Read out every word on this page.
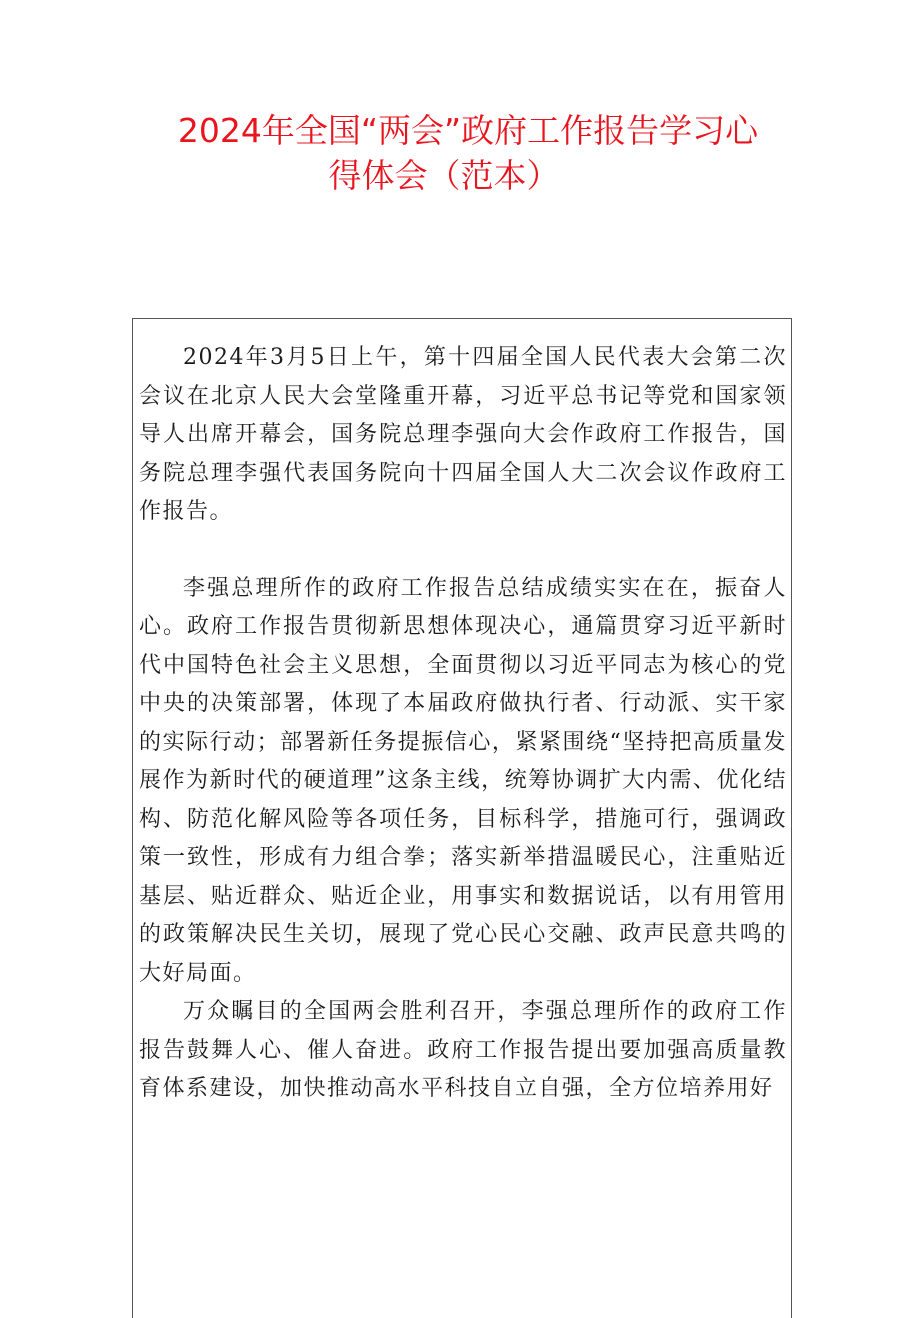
2024年全国“两会”政府工作报告学习心
得体会（范本）

2024年3月5日上午，第十四届全国人民代表大会第二次会议在北京人民大会堂隆重开幕，习近平总书记等党和国家领导人出席开幕会，国务院总理李强向大会作政府工作报告，国务院总理李强代表国务院向十四届全国人大二次会议作政府工作报告。

李强总理所作的政府工作报告总结成绩实实在在，振奋人心。政府工作报告贯彻新思想体现决心，通篇贯穿习近平新时代中国特色社会主义思想，全面贯彻以习近平同志为核心的党中央的决策部署，体现了本届政府做执行者、行动派、实干家的实际行动；部署新任务提振信心，紧紧围绕“坚持把高质量发展作为新时代的硬道理”这条主线，统筹协调扩大内需、优化结构、防范化解风险等各项任务，目标科学，措施可行，强调政策一致性，形成有力组合拳；落实新举措温暖民心，注重贴近基层、贴近群众、贴近企业，用事实和数据说话，以有用管用的政策解决民生关切，展现了党心民心交融、政声民意共鸣的大好局面。

万众瞩目的全国两会胜利召开，李强总理所作的政府工作报告鼓舞人心、催人奋进。政府工作报告提出要加强高质量教育体系建设，加快推动高水平科技自立自强，全方位培养用好
